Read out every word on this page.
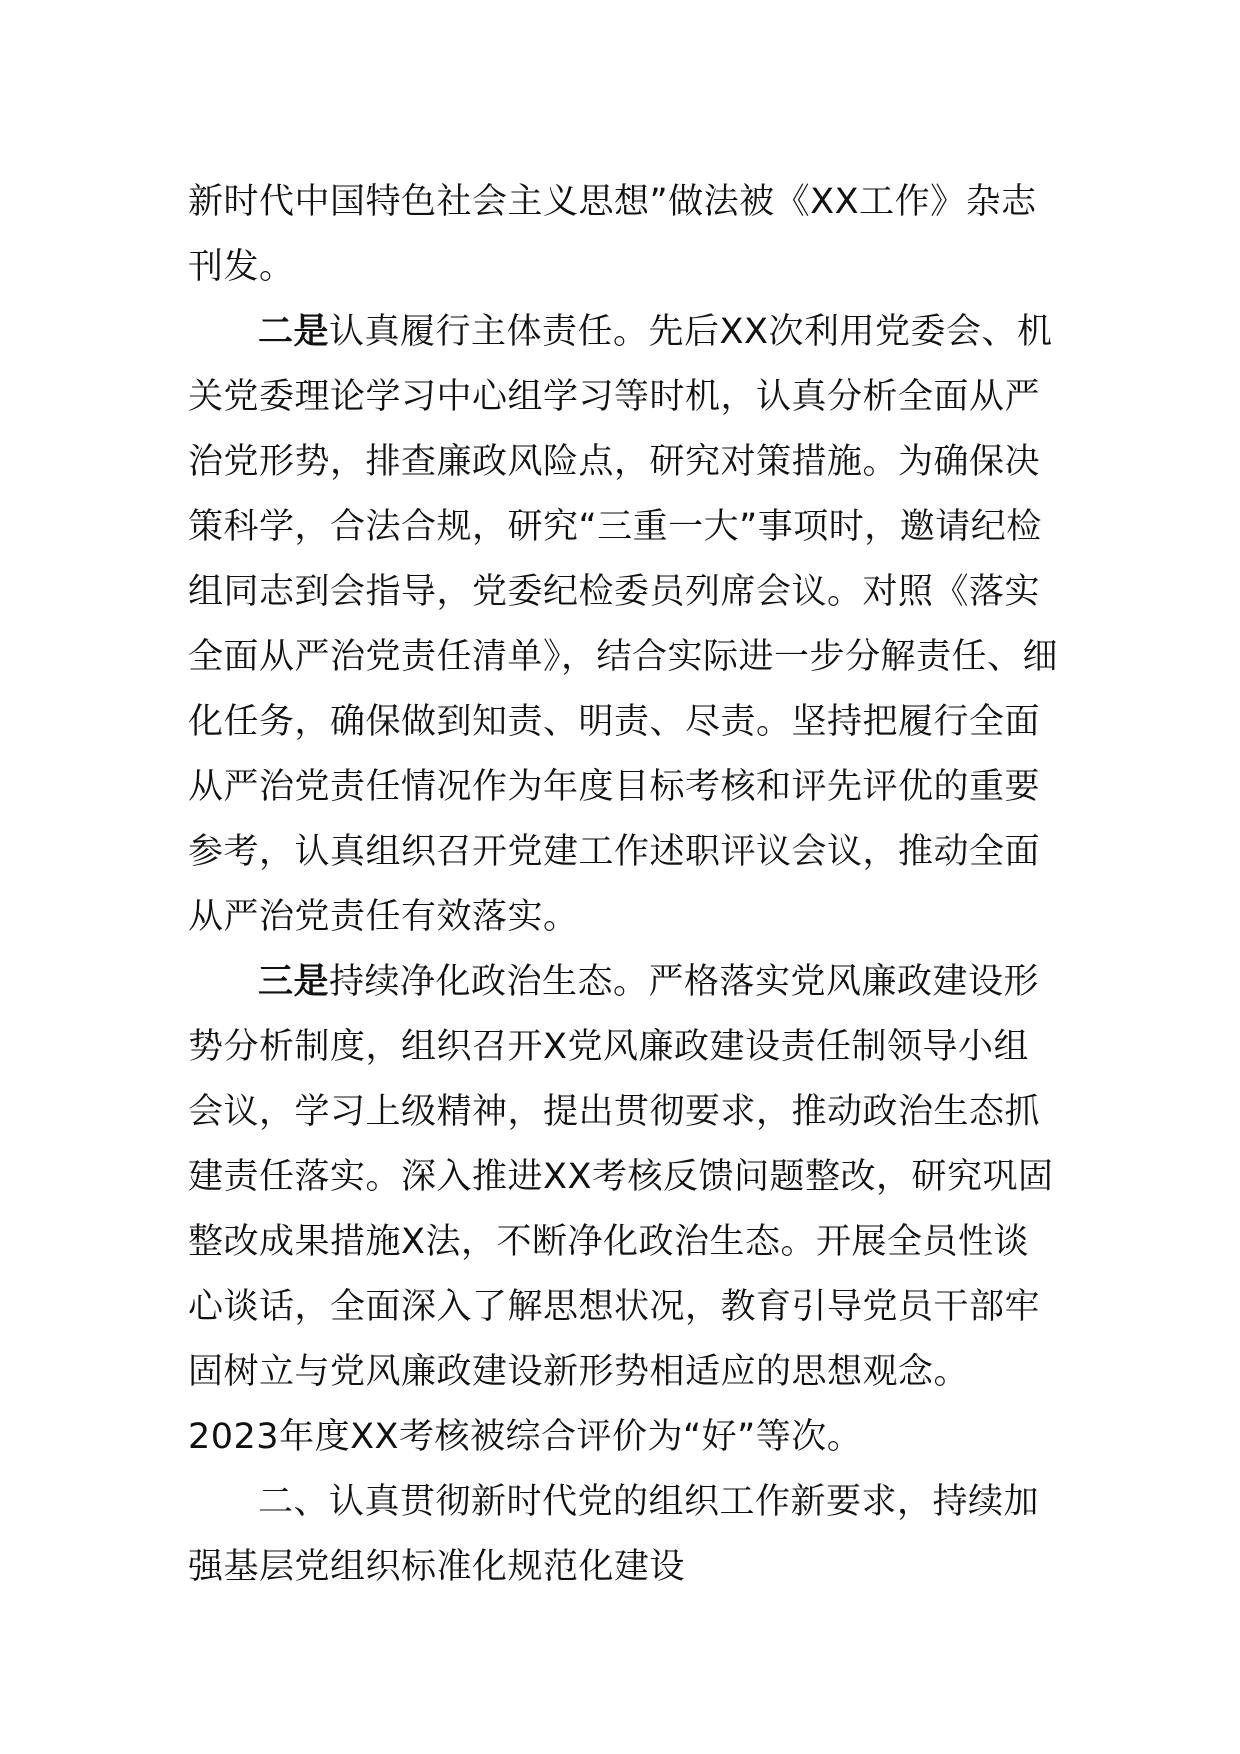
新时代中国特色社会主义思想”做法被《XX工作》杂志刊发。

二是认真履行主体责任。先后XX次利用党委会、机关党委理论学习中心组学习等时机，认真分析全面从严治党形势，排查廉政风险点，研究对策措施。为确保决策科学，合法合规，研究“三重一大”事项时，邀请纪检组同志到会指导，党委纪检委员列席会议。对照《落实全面从严治党责任清单》，结合实际进一步分解责任、细化任务，确保做到知责、明责、尽责。坚持把履行全面从严治党责任情况作为年度目标考核和评先评优的重要参考，认真组织召开党建工作述职评议会议，推动全面从严治党责任有效落实。

三是持续净化政治生态。严格落实党风廉政建设形势分析制度，组织召开X党风廉政建设责任制领导小组会议，学习上级精神，提出贯彻要求，推动政治生态抓建责任落实。深入推进XX考核反馈问题整改，研究巩固整改成果措施X法，不断净化政治生态。开展全员性谈心谈话，全面深入了解思想状况，教育引导党员干部牢固树立与党风廉政建设新形势相适应的思想观念。2023年度XX考核被综合评价为“好”等次。

二、认真贯彻新时代党的组织工作新要求，持续加强基层党组织标准化规范化建设
